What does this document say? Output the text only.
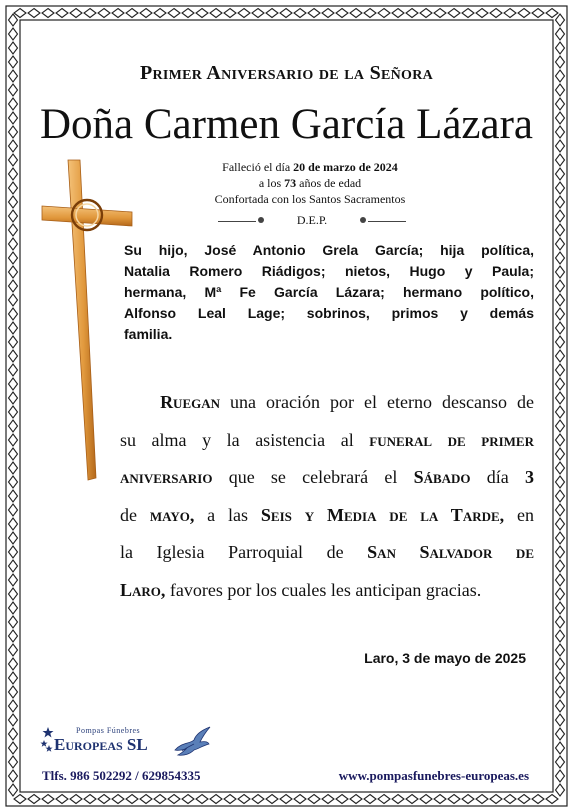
Primer Aniversario de la Señora
Doña Carmen García Lázara
Falleció el día 20 de marzo de 2024
a los 73 años de edad
Confortada con los Santos Sacramentos
D.E.P.
Su hijo, José Antonio Grela García; hija política,
Natalia Romero Riádigos; nietos, Hugo y Paula;
hermana, Mª Fe García Lázara; hermano político,
Alfonso Leal Lage; sobrinos, primos y demás
familia.
Ruegan una oración por el eterno descanso de
su alma y la asistencia al funeral de primer
aniversario que se celebrará el Sábado día 3
de mayo, a las Seis y Media de la Tarde, en
la Iglesia Parroquial de San Salvador de
Laro, favores por los cuales les anticipan gracias.
Laro, 3 de mayo de 2025
Pompas Fúnebres
Europeas SL
Tlfs. 986 502292 / 629854335	www.pompasfunebres-europeas.es
